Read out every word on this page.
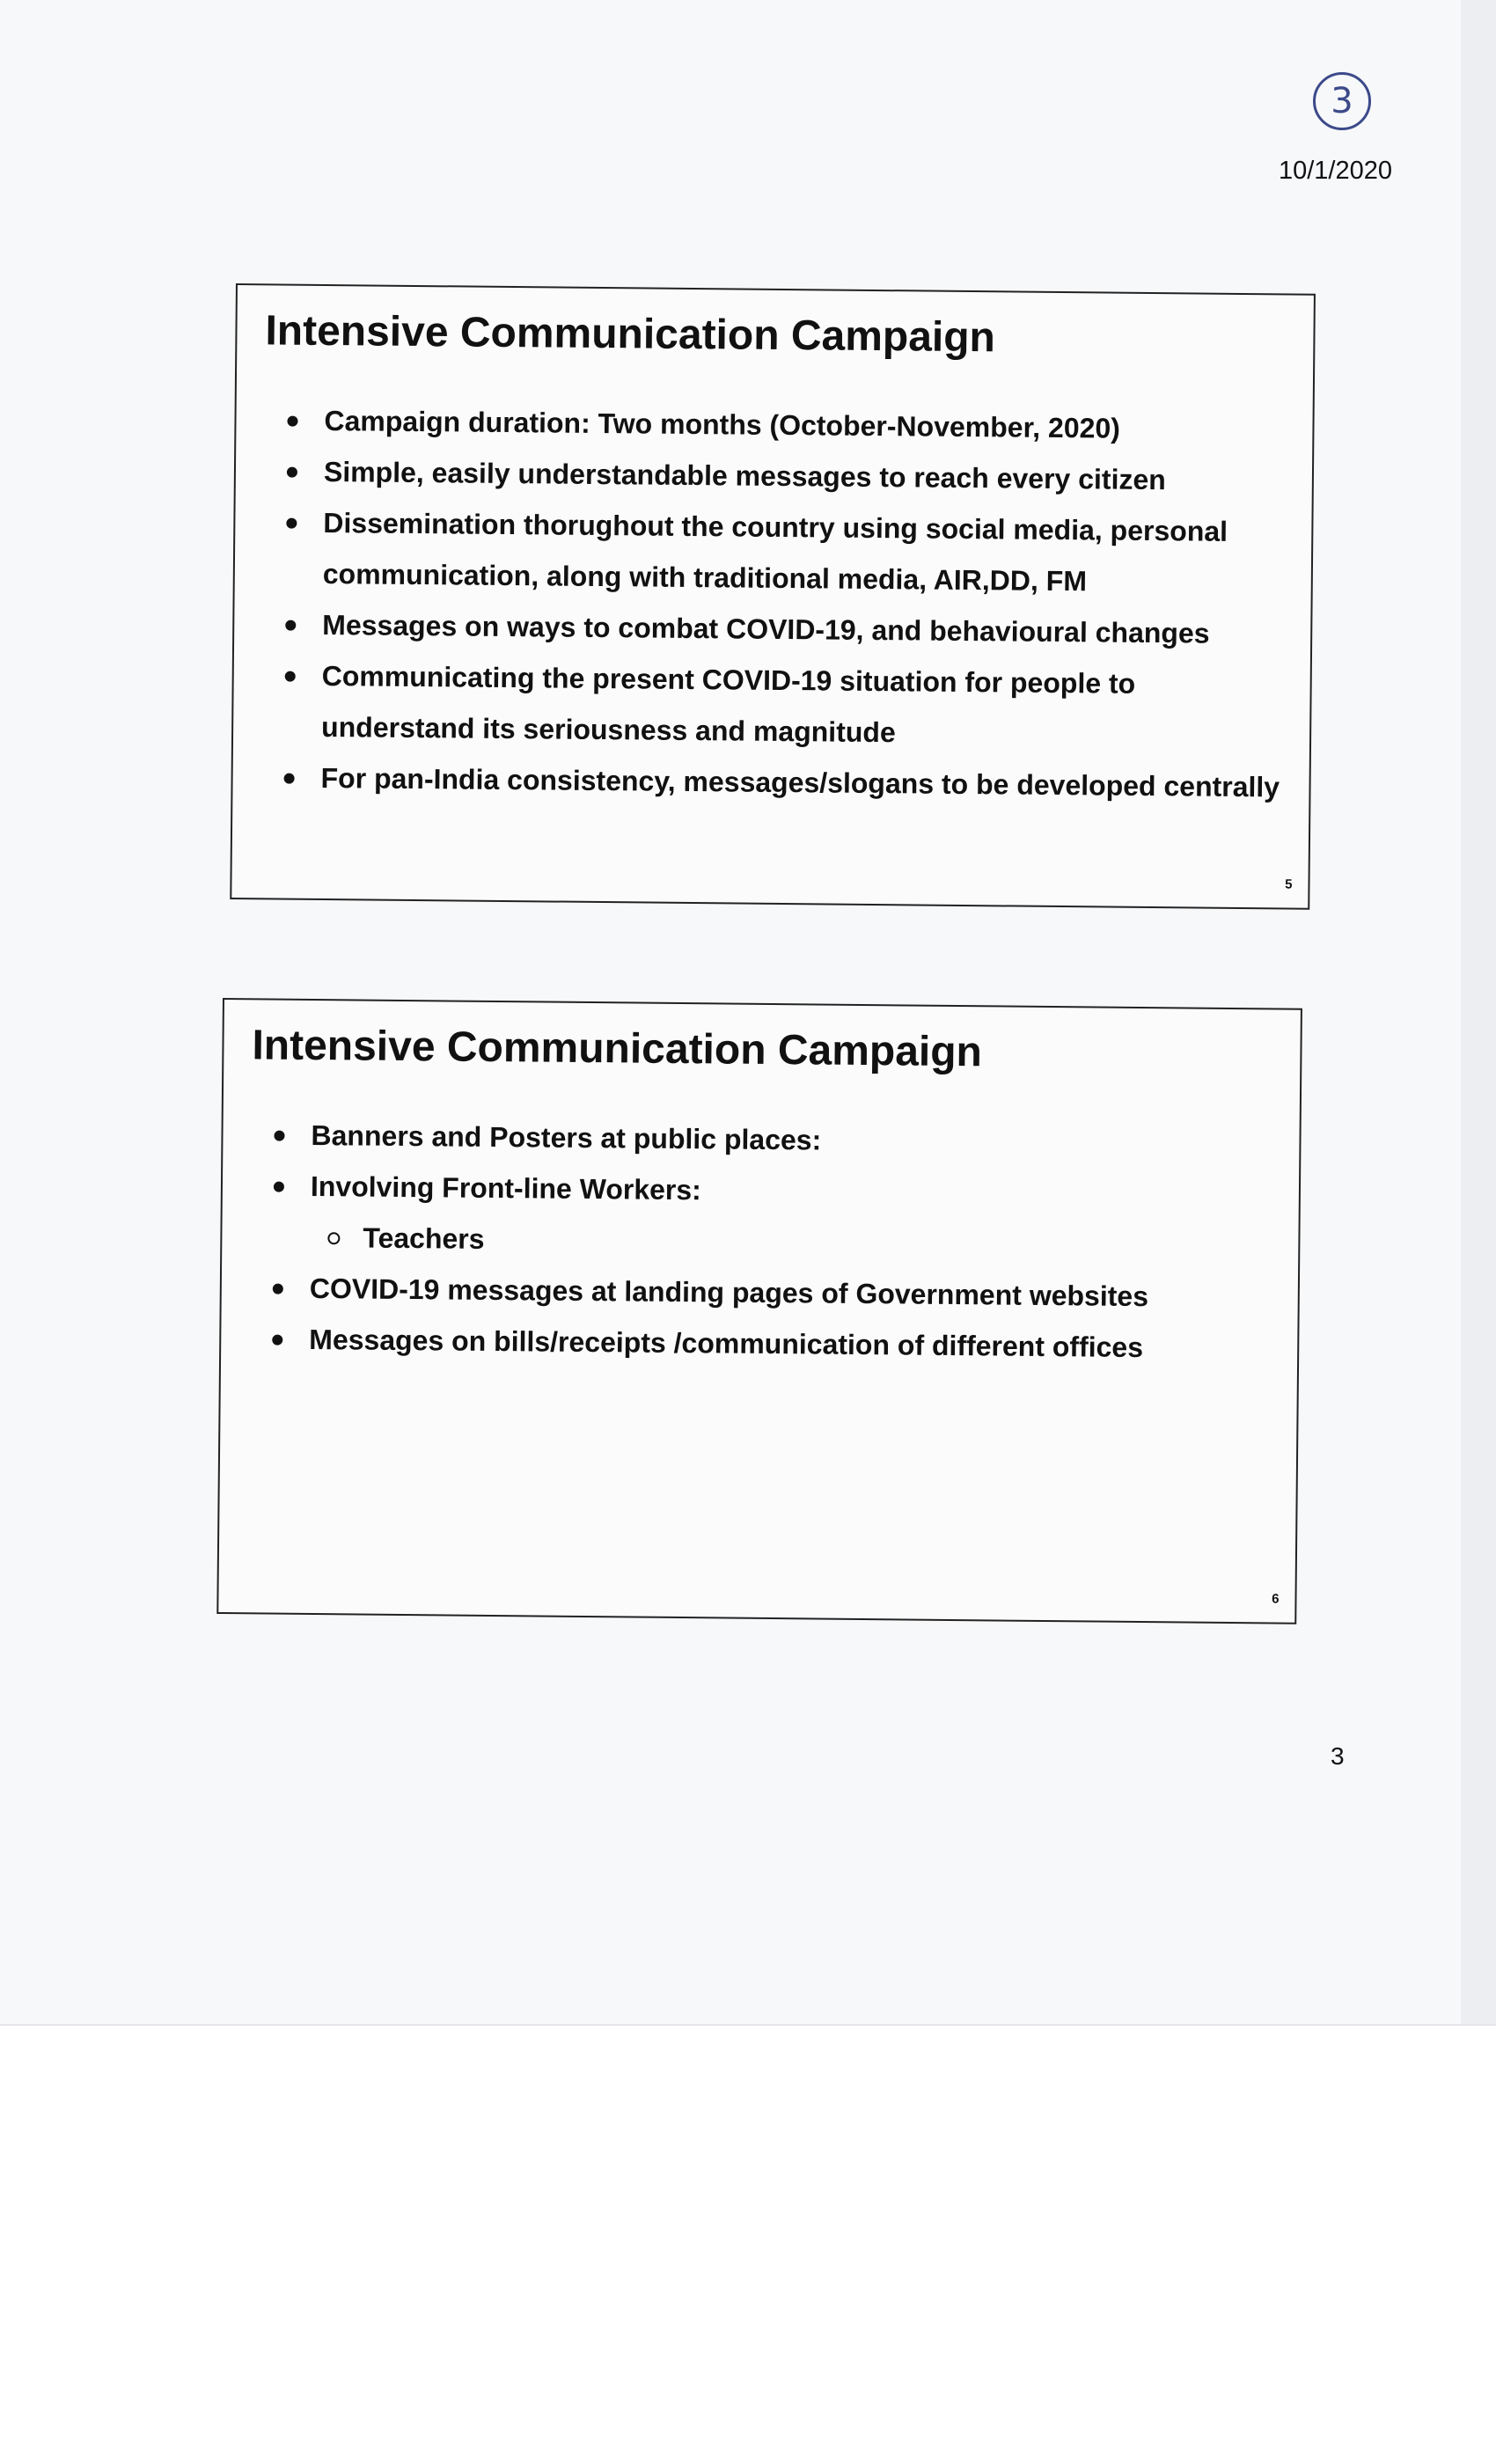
3
10/1/2020
Intensive Communication Campaign
Campaign duration: Two months (October-November, 2020)
Simple, easily understandable messages to reach every citizen
Dissemination thorughout the country using social media, personal communication, along with traditional media, AIR,DD, FM
Messages on ways to combat COVID-19, and behavioural changes
Communicating the present COVID-19 situation for people to understand its seriousness and magnitude
For pan-India consistency, messages/slogans to be developed centrally
5
Intensive Communication Campaign
Banners and Posters at public places:
Involving Front-line Workers:
Teachers
COVID-19 messages at landing pages of Government websites
Messages on bills/receipts /communication of different offices
6
3
